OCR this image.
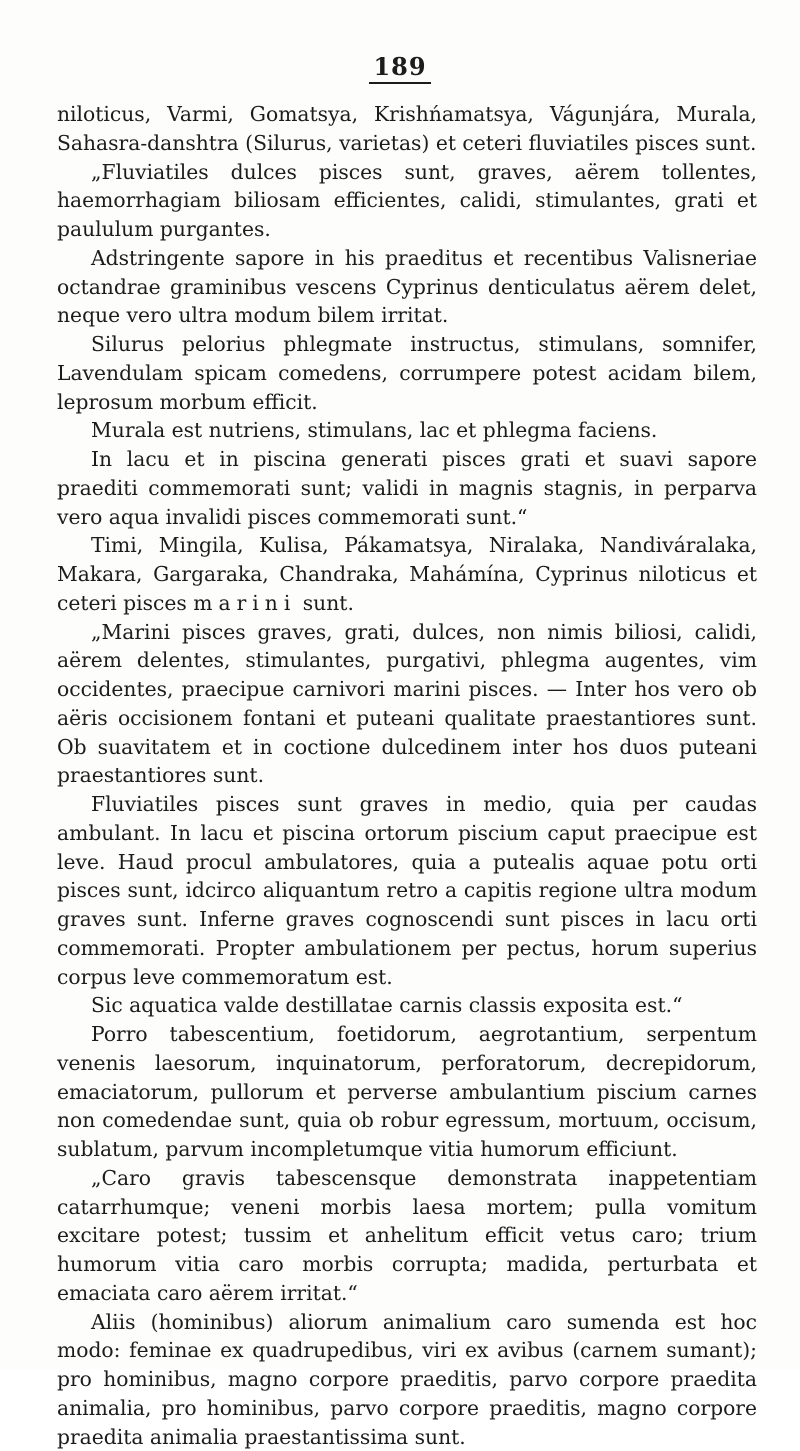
189

niloticus, Varmi, Gomatsya, Krishńamatsya, Vágunjára, Murala, Sahasra-danshtra (Silurus, varietas) et ceteri fluviatiles pisces sunt.

„Fluviatiles dulces pisces sunt, graves, aërem tollentes, haemorrhagiam biliosam efficientes, calidi, stimulantes, grati et paululum purgantes.

Adstringente sapore in his praeditus et recentibus Valisneriae octandrae graminibus vescens Cyprinus denticulatus aërem delet, neque vero ultra modum bilem irritat.

Silurus pelorius phlegmate instructus, stimulans, somnifer, Lavendulam spicam comedens, corrumpere potest acidam bilem, leprosum morbum efficit.

Murala est nutriens, stimulans, lac et phlegma faciens.

In lacu et in piscina generati pisces grati et suavi sapore praediti commemorati sunt; validi in magnis stagnis, in perparva vero aqua invalidi pisces commemorati sunt.“

Timi, Mingila, Kulisa, Pákamatsya, Niralaka, Nandiváralaka, Makara, Gargaraka, Chandraka, Mahámína, Cyprinus niloticus et ceteri pisces marini sunt.

„Marini pisces graves, grati, dulces, non nimis biliosi, calidi, aërem delentes, stimulantes, purgativi, phlegma augentes, vim occidentes, praecipue carnivori marini pisces. — Inter hos vero ob aëris occisionem fontani et puteani qualitate praestantiores sunt. Ob suavitatem et in coctione dulcedinem inter hos duos puteani praestantiores sunt.

Fluviatiles pisces sunt graves in medio, quia per caudas ambulant. In lacu et piscina ortorum piscium caput praecipue est leve. Haud procul ambulatores, quia a putealis aquae potu orti pisces sunt, idcirco aliquantum retro a capitis regione ultra modum graves sunt. Inferne graves cognoscendi sunt pisces in lacu orti commemorati. Propter ambulationem per pectus, horum superius corpus leve commemoratum est.

Sic aquatica valde destillatae carnis classis exposita est.“

Porro tabescentium, foetidorum, aegrotantium, serpentum venenis laesorum, inquinatorum, perforatorum, decrepidorum, emaciatorum, pullorum et perverse ambulantium piscium carnes non comedendae sunt, quia ob robur egressum, mortuum, occisum, sublatum, parvum incompletumque vitia humorum efficiunt.

„Caro gravis tabescensque demonstrata inappetentiam catarrhumque; veneni morbis laesa mortem; pulla vomitum excitare potest; tussim et anhelitum efficit vetus caro; trium humorum vitia caro morbis corrupta; madida, perturbata et emaciata caro aërem irritat.“

Aliis (hominibus) aliorum animalium caro sumenda est hoc modo: feminae ex quadrupedibus, viri ex avibus (carnem sumant); pro hominibus, magno corpore praeditis, parvo corpore praedita animalia, pro hominibus, parvo corpore praeditis, magno corpore praedita animalia praestantissima sunt.
